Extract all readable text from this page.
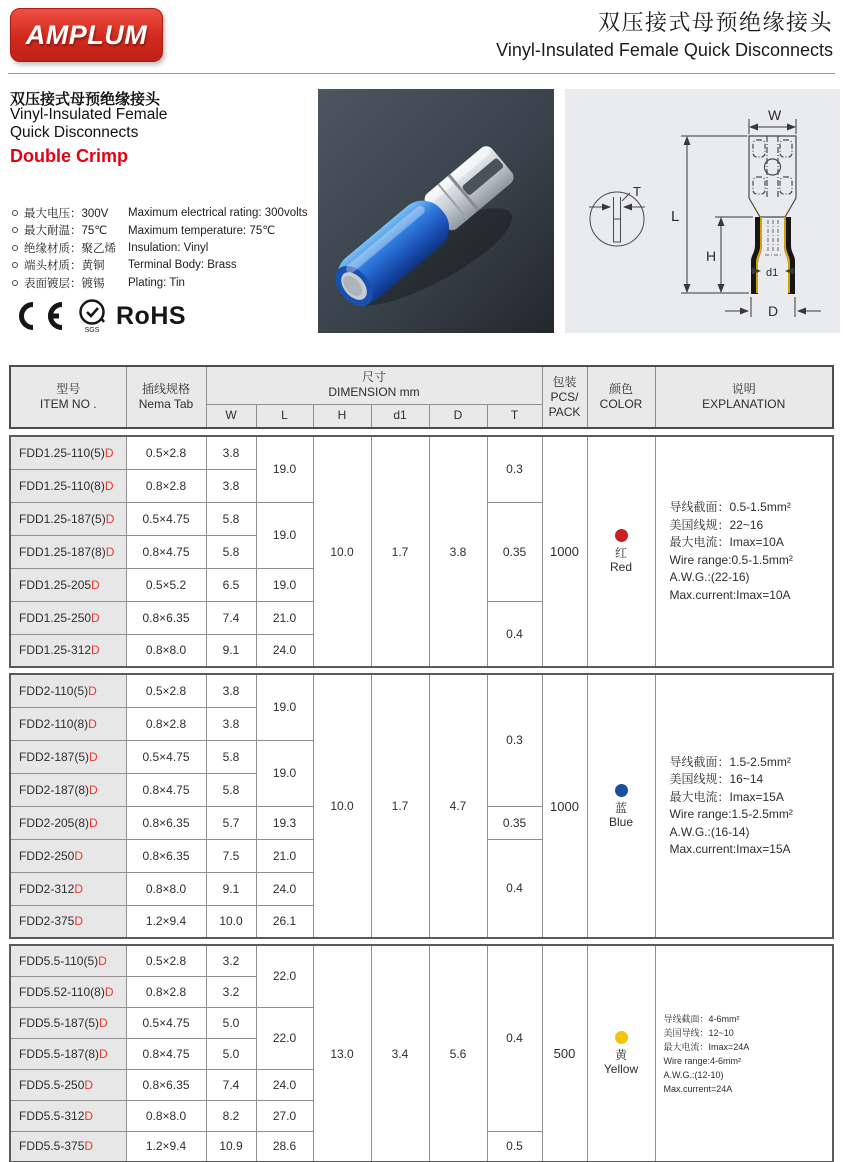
AMPLUM	双压接式母预绝缘接头
Vinyl-Insulated Female Quick Disconnects
双压接式母预绝缘接头
Vinyl-Insulated Female
Quick Disconnects
Double Crimp
最大电压：300V	Maximum electrical rating: 300volts
最大耐温：75℃	Maximum temperature: 75℃
绝缘材质：聚乙烯	Insulation: Vinyl
端头材质：黄铜	Terminal Body: Brass
表面镀层：镀锡	Plating: Tin
SGS
RoHS
T
W
L
H
d1
D
型号
ITEM NO .

插线规格
Nema Tab

尺寸
DIMENSION mm

包装
PCS/
PACK

颜色
COLOR

说明
EXPLANATION

		W	L	H	d1	D	T			
FDD1.25-110(5)D	0.5×2.8	3.8	19.0	10.0	1.7	3.8	0.3	1000	红
Red

导线截面：0.5-1.5mm²
美国线规：22~16
最大电流：Imax=10A
Wire range:0.5-1.5mm²
A.W.G.:(22-16)
Max.current:Imax=10A

FDD1.25-110(8)D	0.8×2.8	3.8								
FDD1.25-187(5)D	0.5×4.75	5.8	19.0				0.35			
FDD1.25-187(8)D	0.8×4.75	5.8								
FDD1.25-205D	0.5×5.2	6.5	19.0							
FDD1.25-250D	0.8×6.35	7.4	21.0				0.4			
FDD1.25-312D	0.8×8.0	9.1	24.0							
FDD2-110(5)D	0.5×2.8	3.8	19.0	10.0	1.7	4.7	0.3	1000	蓝
Blue

导线截面：1.5-2.5mm²
美国线规：16~14
最大电流：Imax=15A
Wire range:1.5-2.5mm²
A.W.G.:(16-14)
Max.current:Imax=15A

FDD2-110(8)D	0.8×2.8	3.8								
FDD2-187(5)D	0.5×4.75	5.8	19.0							
FDD2-187(8)D	0.8×4.75	5.8								
FDD2-205(8)D	0.8×6.35	5.7	19.3				0.35			
FDD2-250D	0.8×6.35	7.5	21.0				0.4			
FDD2-312D	0.8×8.0	9.1	24.0							
FDD2-375D	1.2×9.4	10.0	26.1							
FDD5.5-110(5)D	0.5×2.8	3.2	22.0	13.0	3.4	5.6	0.4	500	黄
Yellow

导线截面：4-6mm²
美国导线：12~10
最大电流：Imax=24A
Wire range:4-6mm²
A.W.G.:(12-10)
Max.current=24A

FDD5.52-110(8)D	0.8×2.8	3.2								
FDD5.5-187(5)D	0.5×4.75	5.0	22.0							
FDD5.5-187(8)D	0.8×4.75	5.0								
FDD5.5-250D	0.8×6.35	7.4	24.0							
FDD5.5-312D	0.8×8.0	8.2	27.0							
FDD5.5-375D	1.2×9.4	10.9	28.6				0.5			
